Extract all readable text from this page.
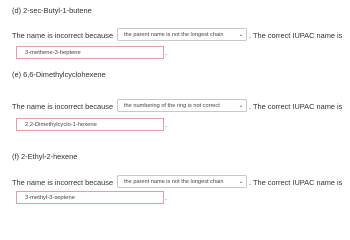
(d) 2-sec-Butyl-1-butene
The name is incorrect because the parent name is not the longest chain	⌄ . The correct IUPAC name is
3-methene-3-heptene	.
(e) 6,6-Dimethylcyclohexene
The name is incorrect because the numbering of the ring is not correct	⌄ . The correct IUPAC name is
2,2-Dimethylcyclo-1-hexene	.
(f) 2-Ethyl-2-hexene
The name is incorrect because the parent name is not the longest chain	⌄ . The correct IUPAC name is
3-methyl-3-septene	.
